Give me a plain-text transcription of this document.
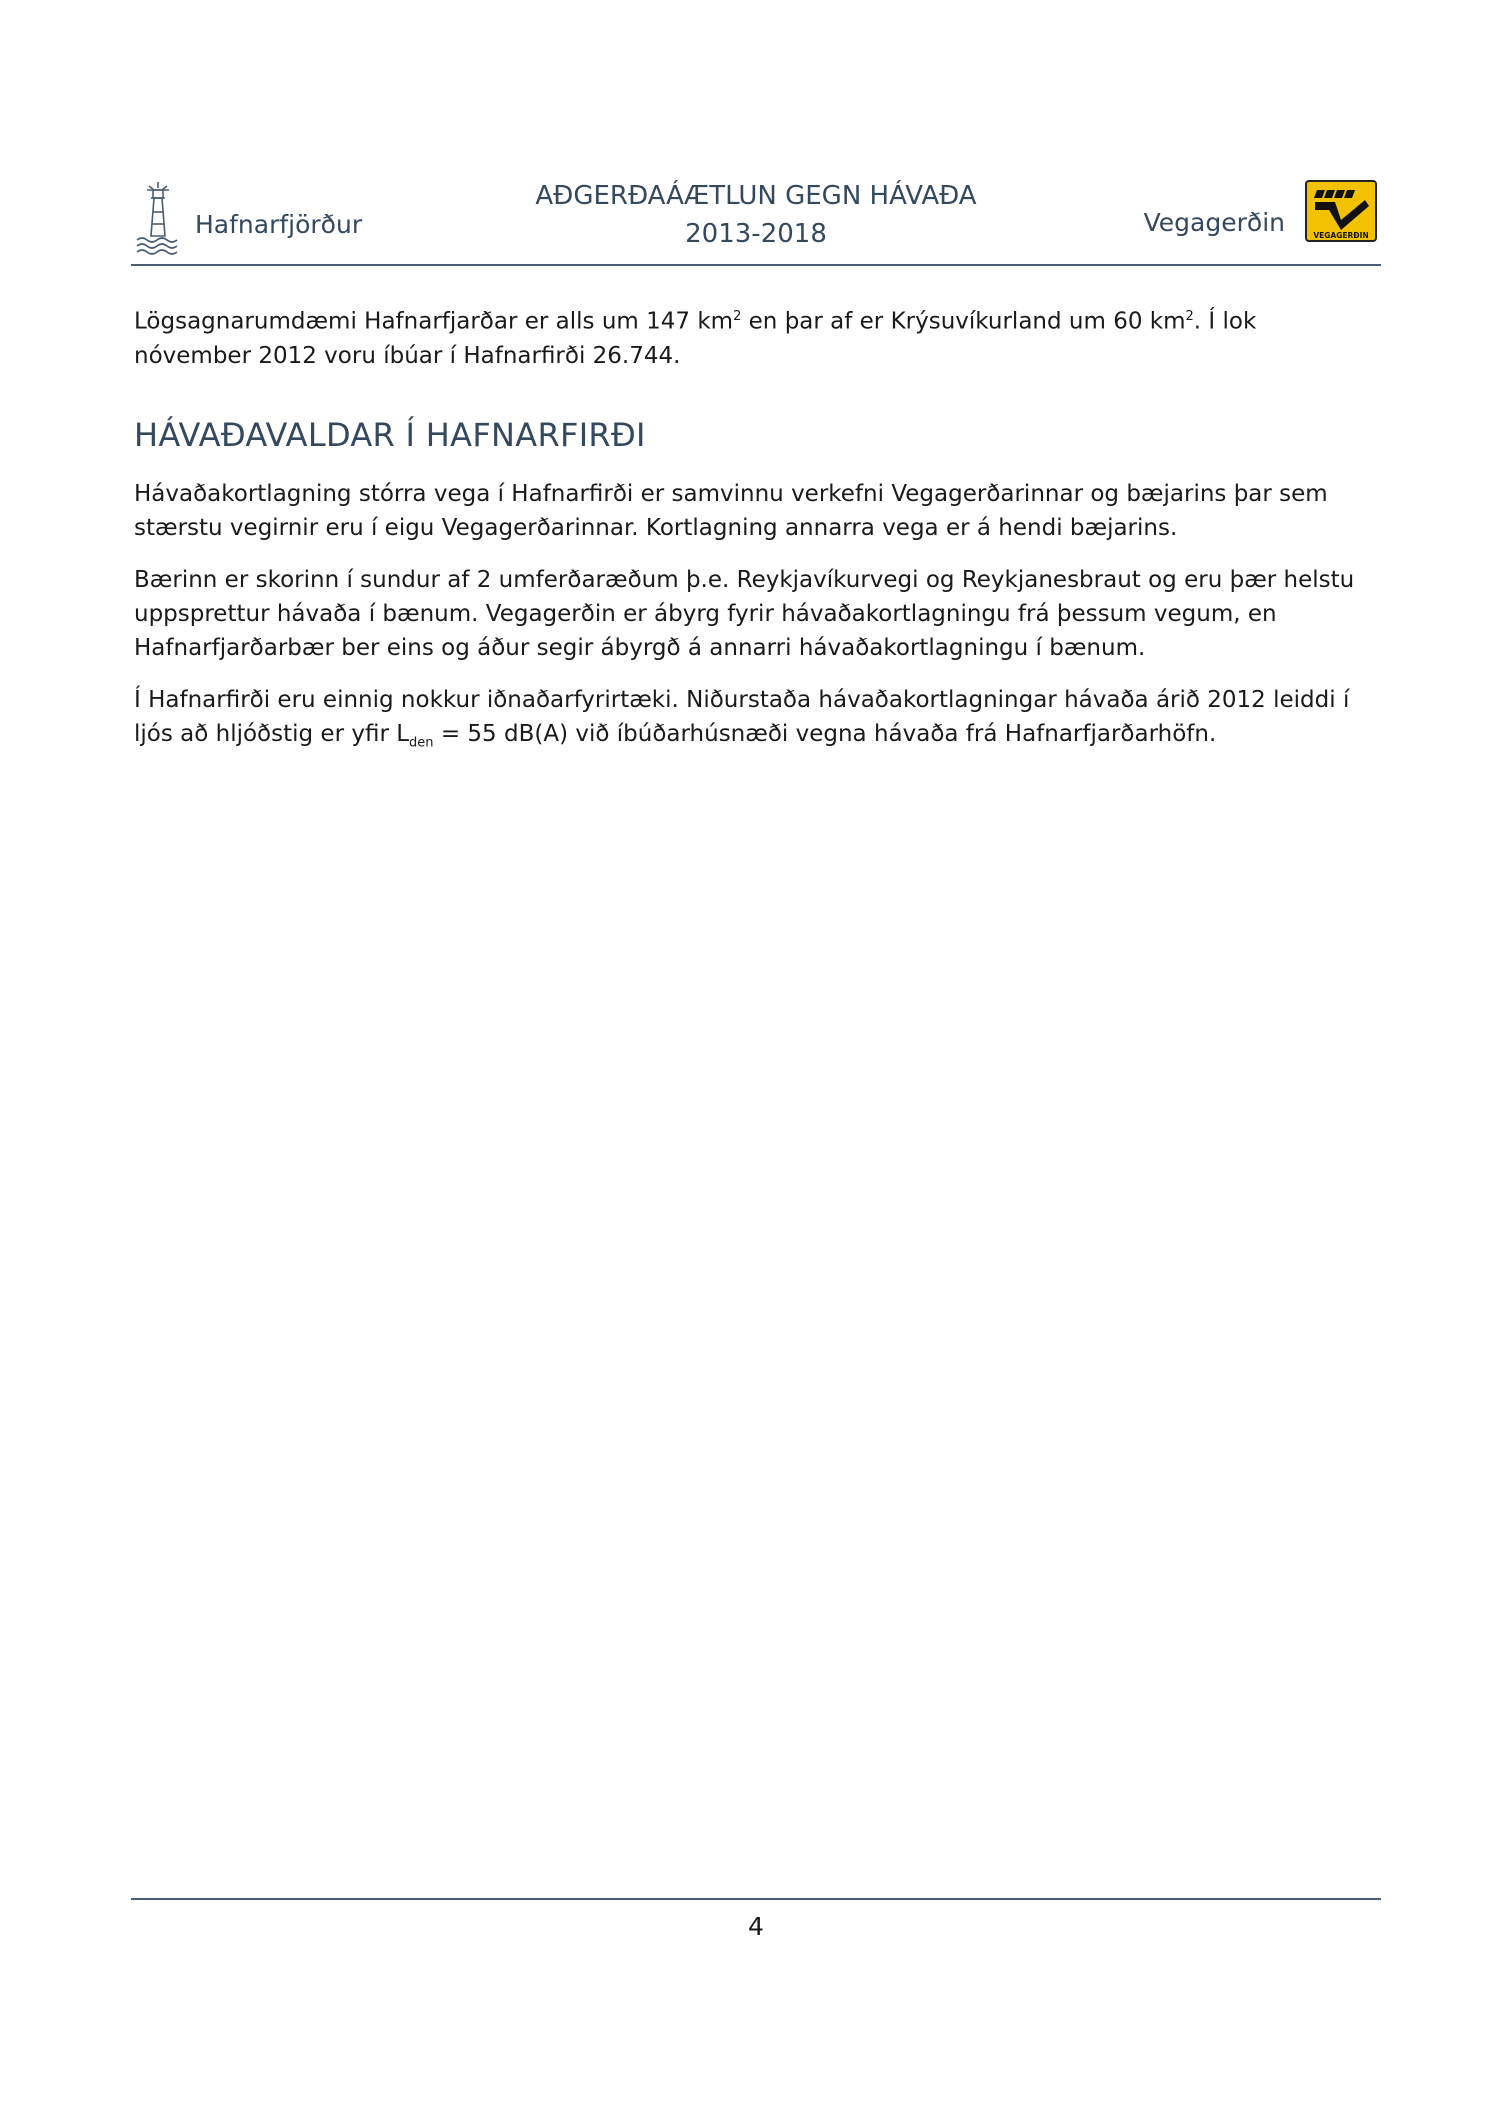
Hafnarfjörður
AÐGERÐAÁÆTLUN GEGN HÁVAÐA
2013-2018	Vegagerðin	VEGAGERÐIN

Lögsagnarumdæmi Hafnarfjarðar er alls um 147 $km^2$ en þar af er Krýsuvíkurland um 60 $km^2$. Í lok nóvember 2012 voru íbúar í Hafnarfirði 26.744.

HÁVAÐAVALDAR Í HAFNARFIRÐI

Hávaðakortlagning stórra vega í Hafnarfirði er samvinnu verkefni Vegagerðarinnar og bæjarins þar sem stærstu vegirnir eru í eigu Vegagerðarinnar. Kortlagning annarra vega er á hendi bæjarins.

Bærinn er skorinn í sundur af 2 umferðaræðum þ.e. Reykjavíkurvegi og Reykjanesbraut og eru þær helstu uppsprettur hávaða í bænum. Vegagerðin er ábyrg fyrir hávaðakortlagningu frá þessum vegum, en Hafnarfjarðarbær ber eins og áður segir ábyrgð á annarri hávaðakortlagningu í bænum.

Í Hafnarfirði eru einnig nokkur iðnaðarfyrirtæki. Niðurstaða hávaðakortlagningar hávaða árið 2012 leiddi í ljós að hljóðstig er yfir $L_{den} = 55$ dB(A) við íbúðarhúsnæði vegna hávaða frá Hafnarfjarðarhöfn.

4
